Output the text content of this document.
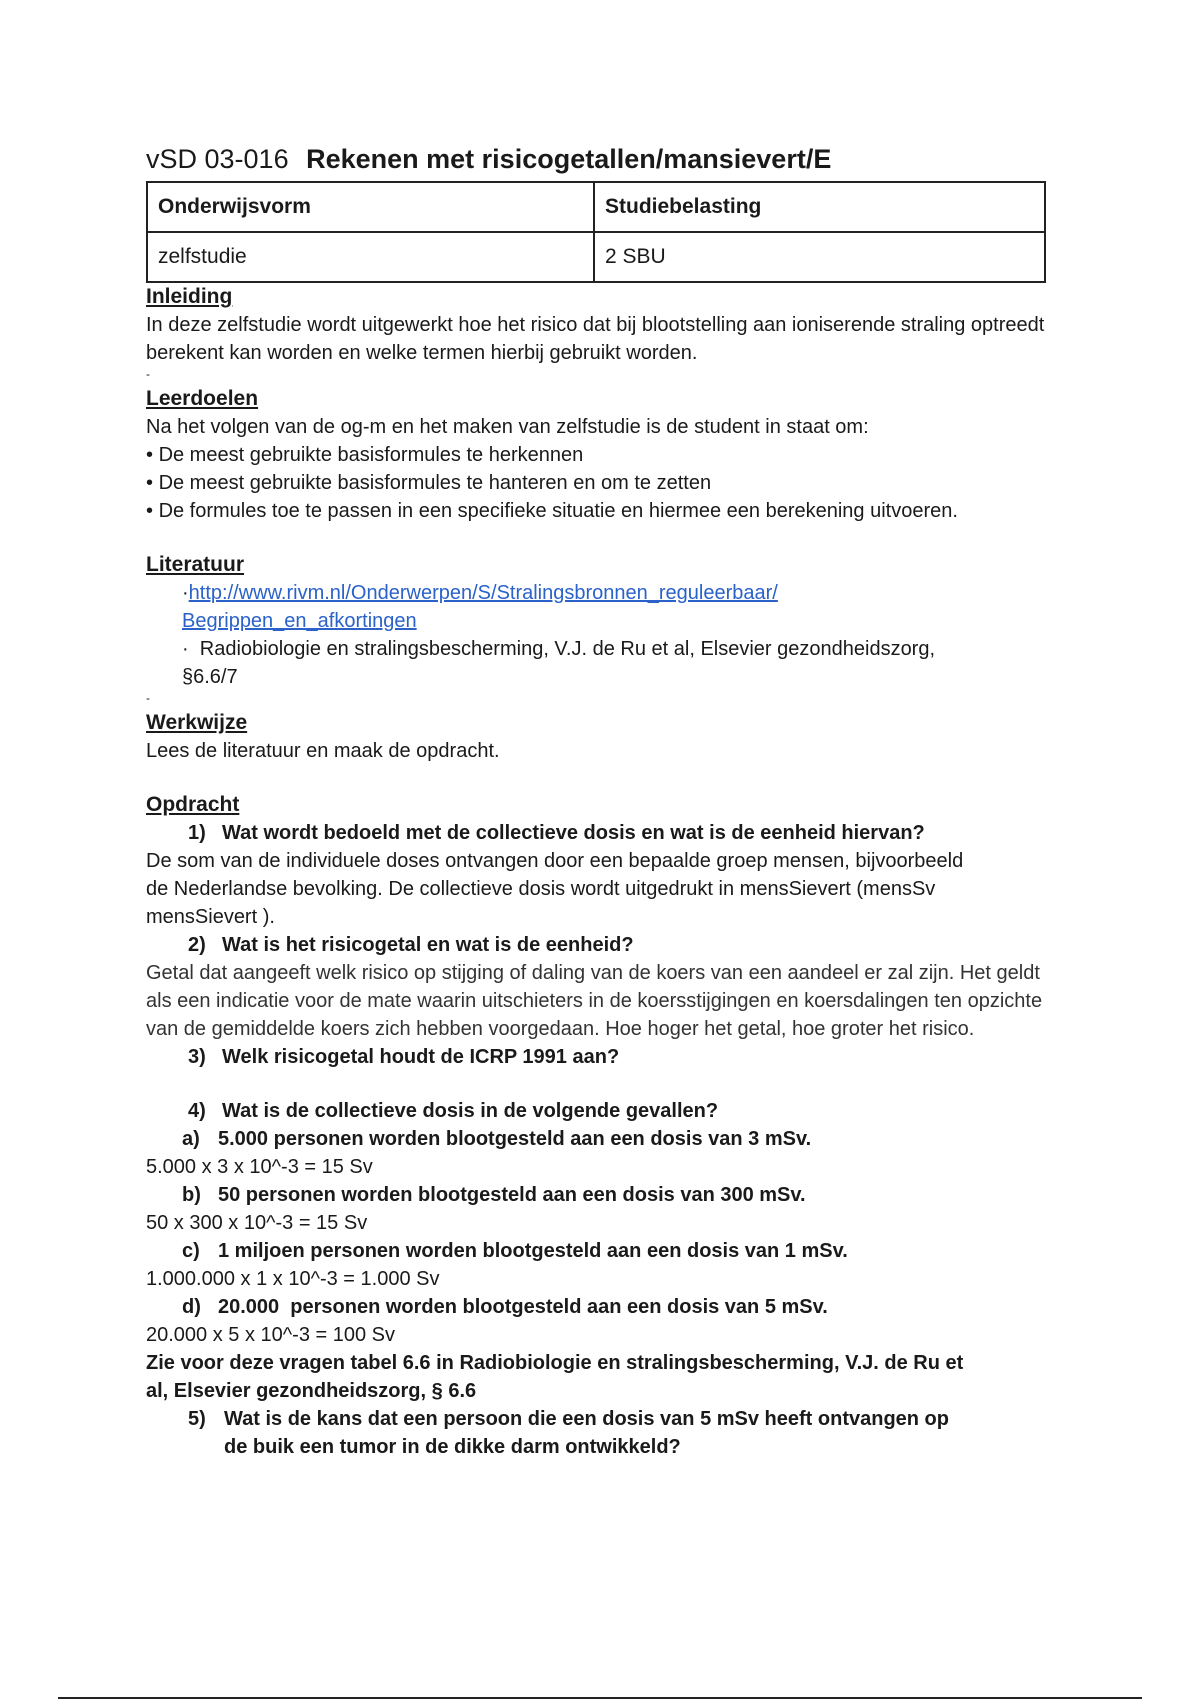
vSD 03-016 Rekenen met risicogetallen/mansievert/E
Onderwijsvorm	Studiebelasting
zelfstudie	2 SBU
Inleiding

In deze zelfstudie wordt uitgewerkt hoe het risico dat bij blootstelling aan ioniserende straling optreedt berekent kan worden en welke termen hierbij gebruikt worden.

-
Leerdoelen

Na het volgen van de og-m en het maken van zelfstudie is de student in staat om:

• De meest gebruikte basisformules te herkennen
• De meest gebruikte basisformules te hanteren en om te zetten
• De formules toe te passen in een specifieke situatie en hiermee een berekening uitvoeren.
Literatuur
·http://www.rivm.nl/Onderwerpen/S/Stralingsbronnen_reguleerbaar/
Begrippen_en_afkortingen
·  Radiobiologie en stralingsbescherming, V.J. de Ru et al, Elsevier gezondheidszorg,
§6.6/7
-
Werkwijze

Lees de literatuur en maak de opdracht.

Opdracht
1) Wat wordt bedoeld met de collectieve dosis en wat is de eenheid hiervan?
De som van de individuele doses ontvangen door een bepaalde groep mensen, bijvoorbeeld
de Nederlandse bevolking. De collectieve dosis wordt uitgedrukt in mensSievert (mensSv
mensSievert ).
2) Wat is het risicogetal en wat is de eenheid?
Getal dat aangeeft welk risico op stijging of daling van de koers van een aandeel er zal zijn. Het geldt
als een indicatie voor de mate waarin uitschieters in de koersstijgingen en koersdalingen ten opzichte
van de gemiddelde koers zich hebben voorgedaan. Hoe hoger het getal, hoe groter het risico.
3) Welk risicogetal houdt de ICRP 1991 aan?
4) Wat is de collectieve dosis in de volgende gevallen?
a) 5.000 personen worden blootgesteld aan een dosis van 3 mSv.
5.000 x 3 x 10^-3 = 15 Sv
b) 50 personen worden blootgesteld aan een dosis van 300 mSv.
50 x 300 x 10^-3 = 15 Sv
c) 1 miljoen personen worden blootgesteld aan een dosis van 1 mSv.
1.000.000 x 1 x 10^-3 = 1.000 Sv
d) 20.000  personen worden blootgesteld aan een dosis van 5 mSv.
20.000 x 5 x 10^-3 = 100 Sv
Zie voor deze vragen tabel 6.6 in Radiobiologie en stralingsbescherming, V.J. de Ru et
al, Elsevier gezondheidszorg, § 6.6
5) Wat is de kans dat een persoon die een dosis van 5 mSv heeft ontvangen op
de buik een tumor in de dikke darm ontwikkeld?
